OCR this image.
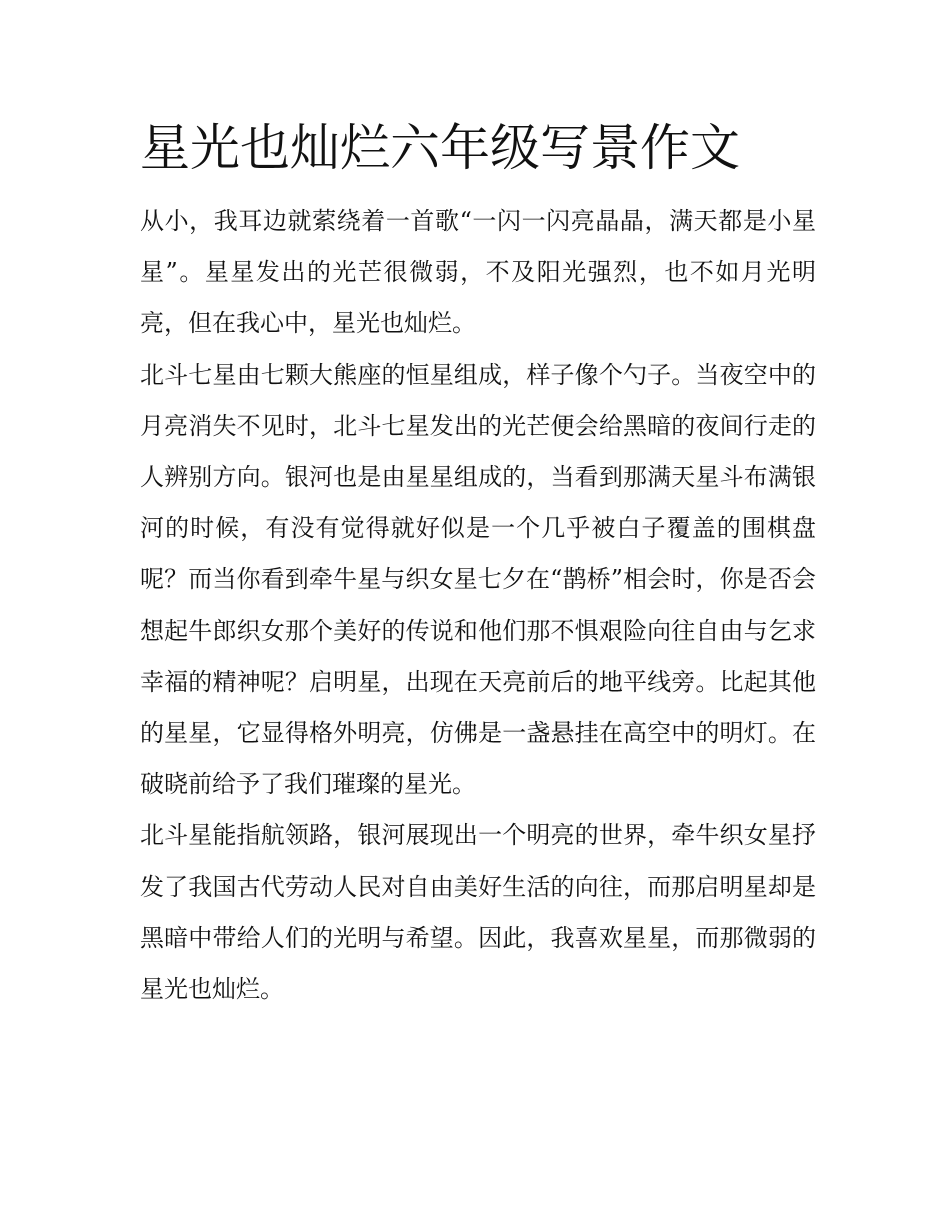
星光也灿烂六年级写景作文

从小，我耳边就萦绕着一首歌“一闪一闪亮晶晶，满天都是小星星”。星星发出的光芒很微弱，不及阳光强烈，也不如月光明亮，但在我心中，星光也灿烂。

北斗七星由七颗大熊座的恒星组成，样子像个勺子。当夜空中的月亮消失不见时，北斗七星发出的光芒便会给黑暗的夜间行走的人辨别方向。银河也是由星星组成的，当看到那满天星斗布满银河的时候，有没有觉得就好似是一个几乎被白子覆盖的围棋盘呢？而当你看到牵牛星与织女星七夕在“鹊桥”相会时，你是否会想起牛郎织女那个美好的传说和他们那不惧艰险向往自由与乞求幸福的精神呢？启明星，出现在天亮前后的地平线旁。比起其他的星星，它显得格外明亮，仿佛是一盏悬挂在高空中的明灯。在破晓前给予了我们璀璨的星光。

北斗星能指航领路，银河展现出一个明亮的世界，牵牛织女星抒发了我国古代劳动人民对自由美好生活的向往，而那启明星却是黑暗中带给人们的光明与希望。因此，我喜欢星星，而那微弱的星光也灿烂。
